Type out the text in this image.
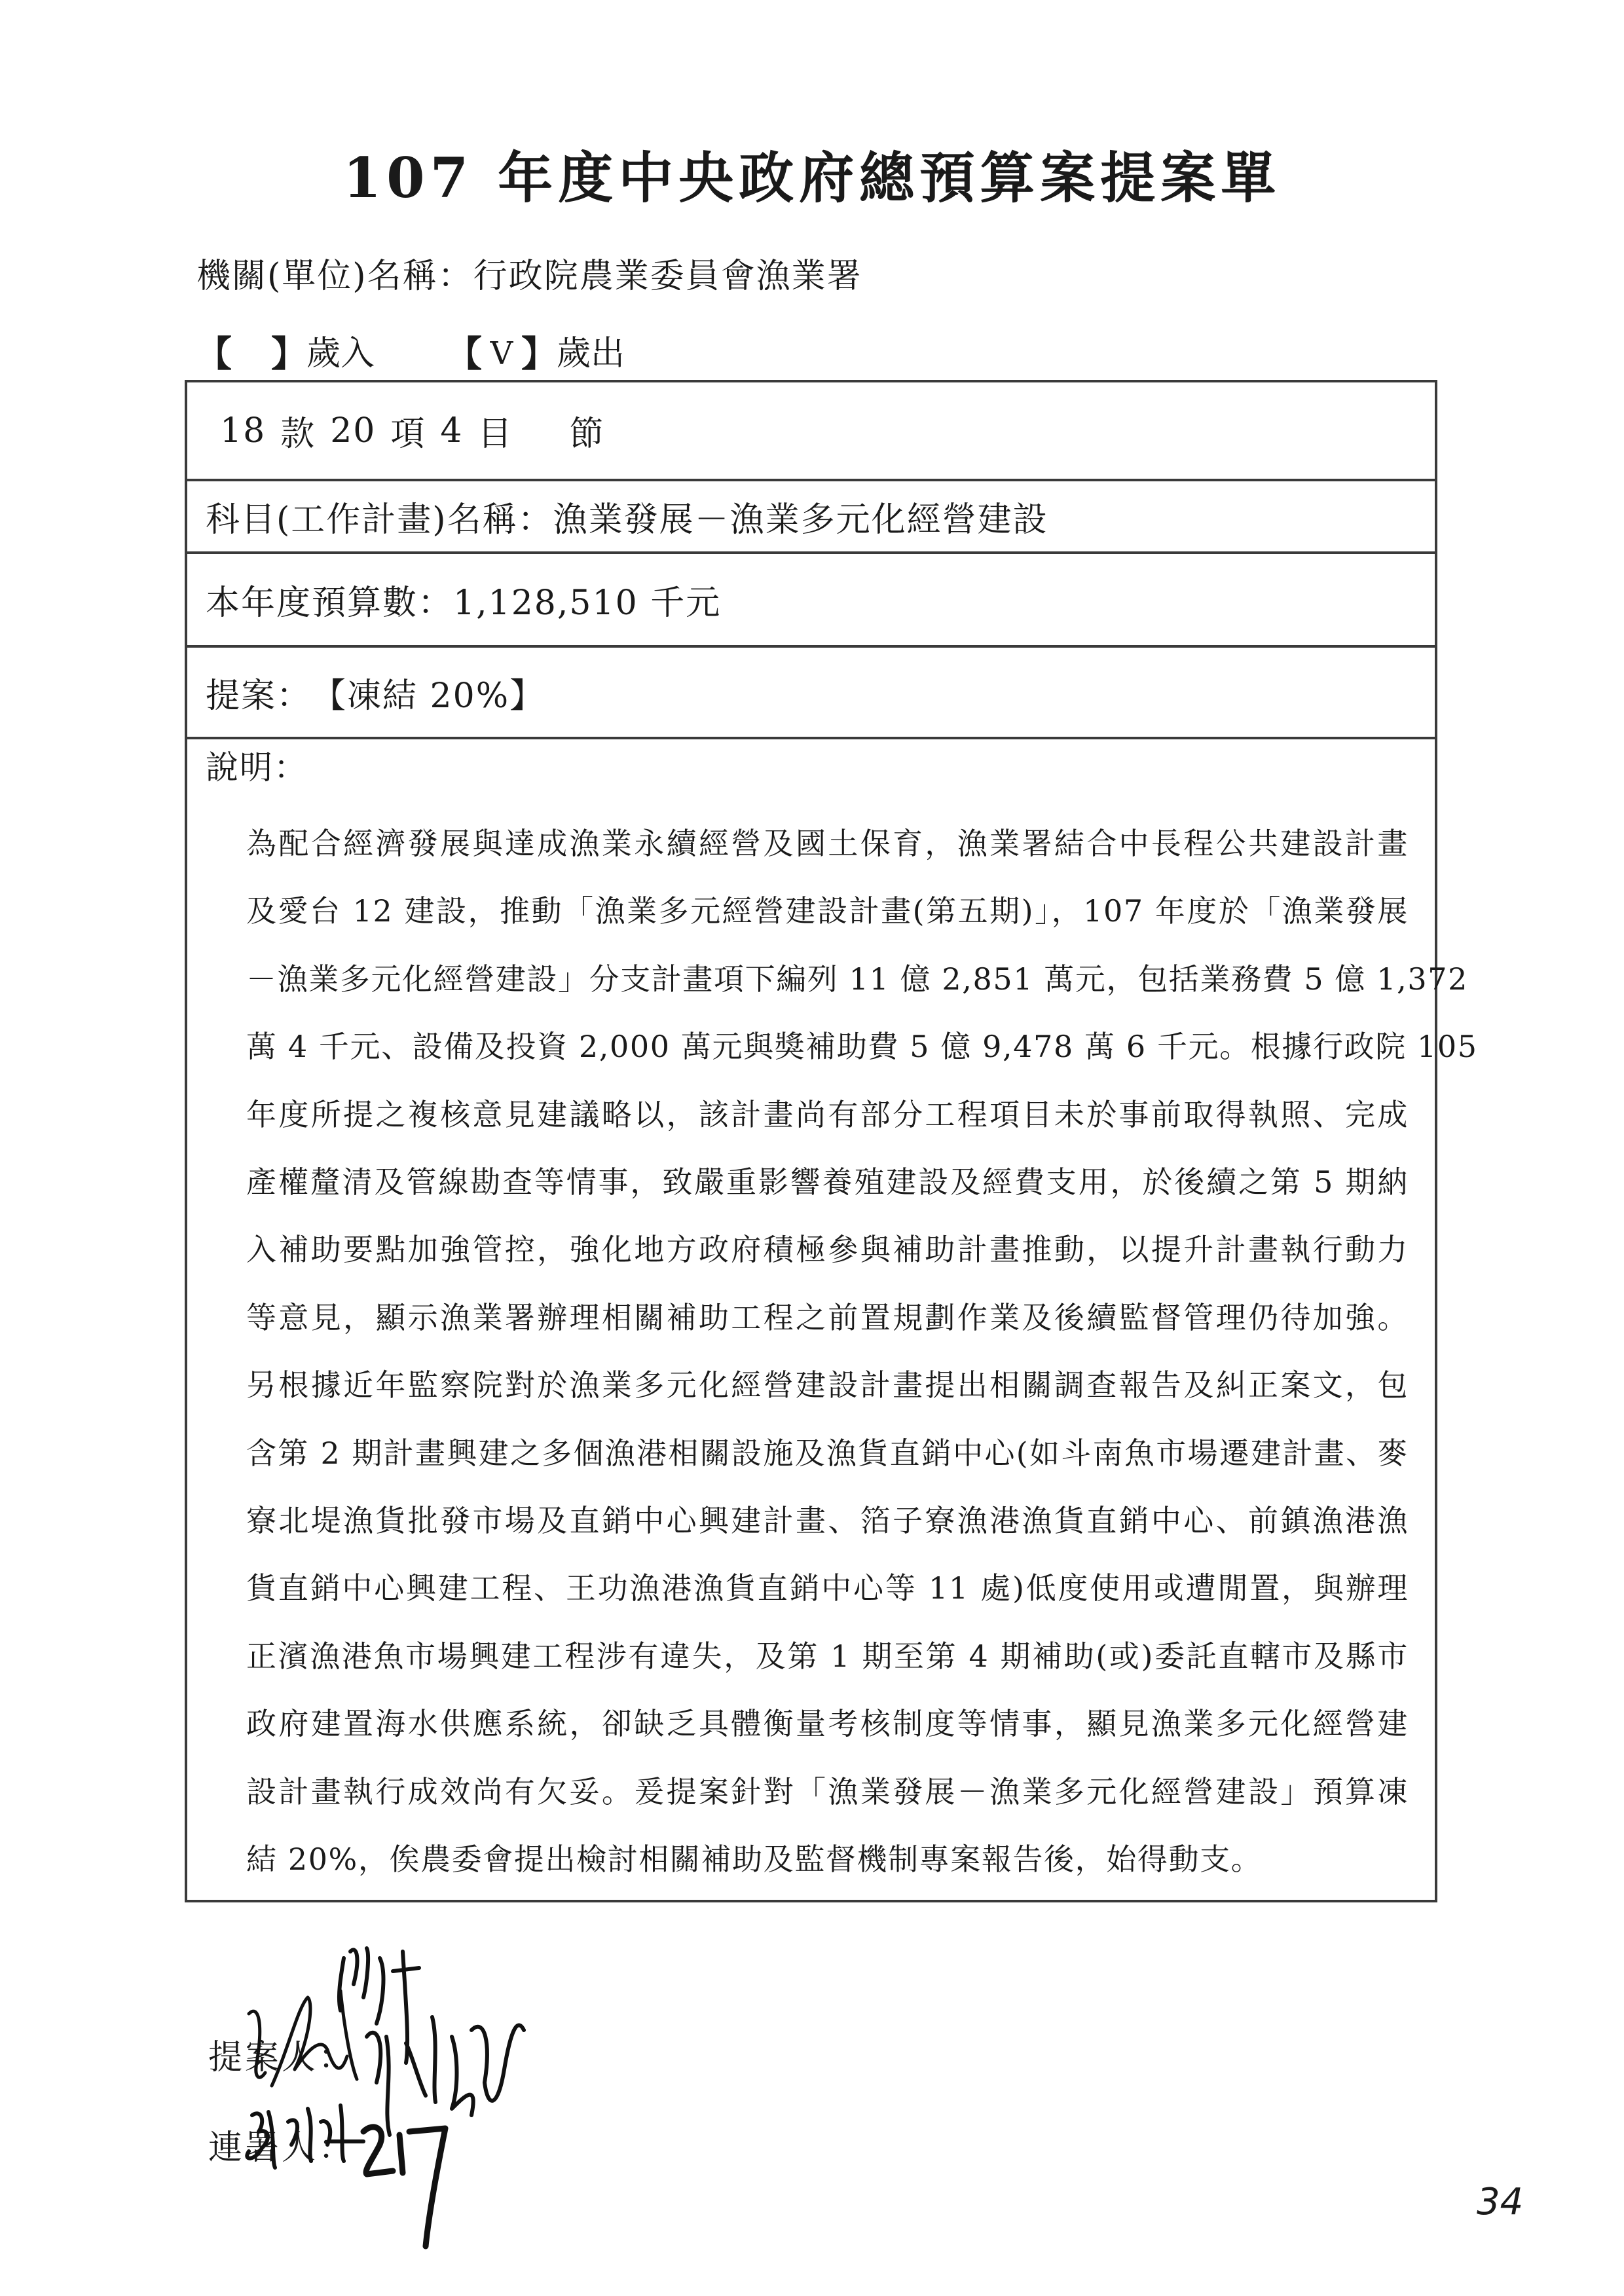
107 年度中央政府總預算案提案單
機關(單位)名稱：行政院農業委員會漁業署
【 】 歲入 【 V 】 歲出
18 款 20 項 4 目 節
科目(工作計畫)名稱： 漁業發展－漁業多元化經營建設
本年度預算數： 1,128,510 千元
提案： 【凍結 20%】
說明：
為配合經濟發展與達成漁業永續經營及國土保育，漁業署結合中長程公共建設計畫
及愛台 12 建設，推動「漁業多元經營建設計畫(第五期)」，107 年度於「漁業發展
－漁業多元化經營建設」分支計畫項下編列 11 億 2,851 萬元，包括業務費 5 億 1,372
萬 4 千元、設備及投資 2,000 萬元與獎補助費 5 億 9,478 萬 6 千元。根據行政院 105
年度所提之複核意見建議略以，該計畫尚有部分工程項目未於事前取得執照、完成
產權釐清及管線勘查等情事，致嚴重影響養殖建設及經費支用，於後續之第 5 期納
入補助要點加強管控，強化地方政府積極參與補助計畫推動，以提升計畫執行動力
等意見，顯示漁業署辦理相關補助工程之前置規劃作業及後續監督管理仍待加強。
另根據近年監察院對於漁業多元化經營建設計畫提出相關調查報告及糾正案文，包
含第 2 期計畫興建之多個漁港相關設施及漁貨直銷中心(如斗南魚市場遷建計畫、麥
寮北堤漁貨批發市場及直銷中心興建計畫、箔子寮漁港漁貨直銷中心、前鎮漁港漁
貨直銷中心興建工程、王功漁港漁貨直銷中心等 11 處)低度使用或遭閒置，與辦理
正濱漁港魚市場興建工程涉有違失，及第 1 期至第 4 期補助(或)委託直轄市及縣市
政府建置海水供應系統，卻缺乏具體衡量考核制度等情事，顯見漁業多元化經營建
設計畫執行成效尚有欠妥。爰提案針對「漁業發展－漁業多元化經營建設」預算凍
結 20%，俟農委會提出檢討相關補助及監督機制專案報告後，始得動支。
提案人：
連署人：
34
